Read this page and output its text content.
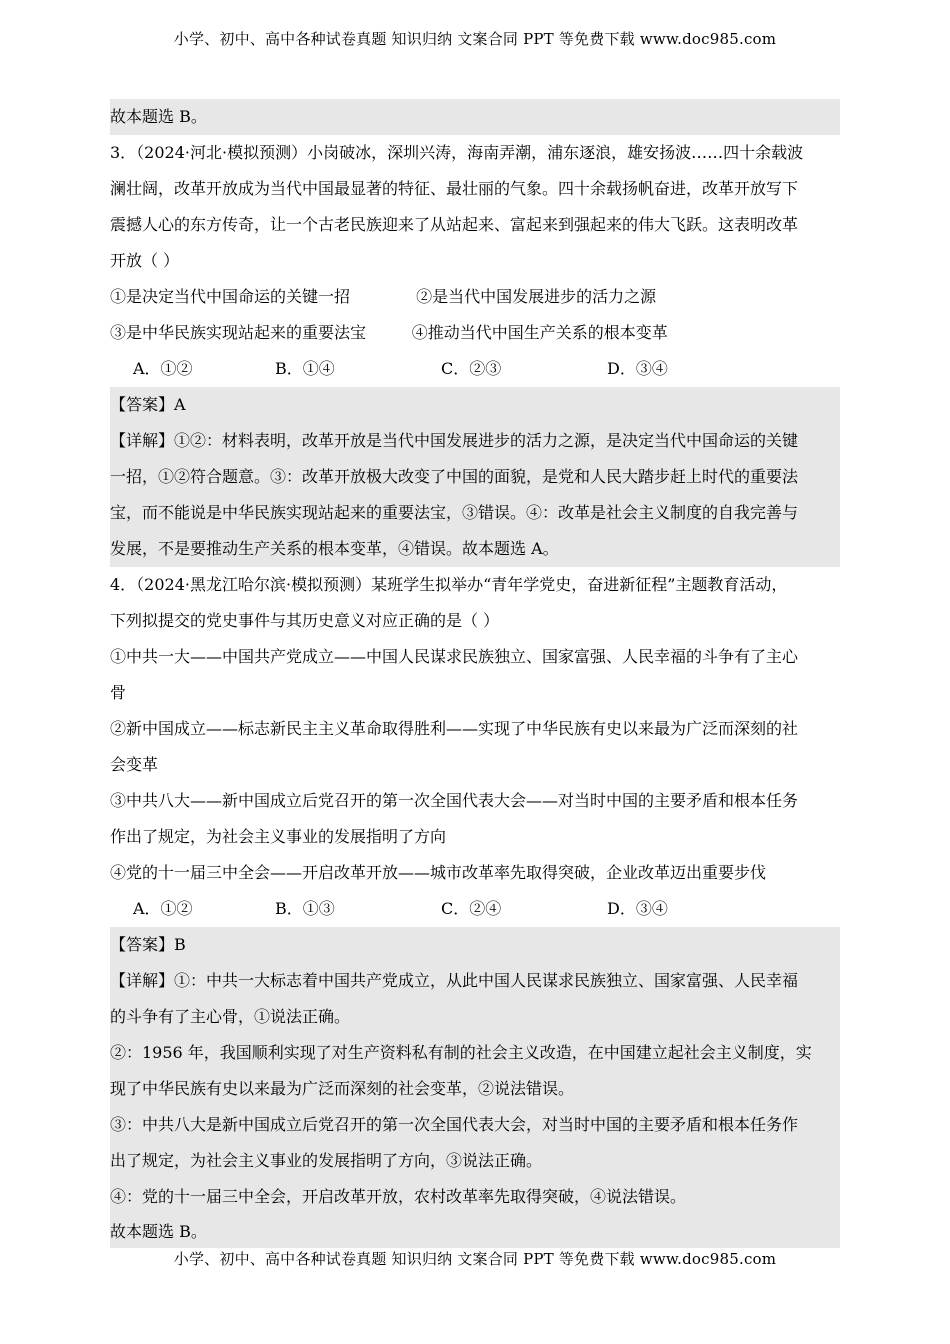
小学、初中、高中各种试卷真题 知识归纳 文案合同 PPT 等免费下载 www.doc985.com
故本题选 B。
3．（2024·河北·模拟预测）小岗破冰，深圳兴涛，海南弄潮，浦东逐浪，雄安扬波……四十余载波
澜壮阔，改革开放成为当代中国最显著的特征、最壮丽的气象。四十余载扬帆奋进，改革开放写下
震撼人心的东方传奇，让一个古老民族迎来了从站起来、富起来到强起来的伟大飞跃。这表明改革
开放（ ）
①是决定当代中国命运的关键一招             ②是当代中国发展进步的活力之源
③是中华民族实现站起来的重要法宝         ④推动当代中国生产关系的根本变革
A．①②	B．①④	C．②③	D．③④
【答案】A
【详解】①②：材料表明，改革开放是当代中国发展进步的活力之源，是决定当代中国命运的关键
一招，①②符合题意。③：改革开放极大改变了中国的面貌，是党和人民大踏步赶上时代的重要法
宝，而不能说是中华民族实现站起来的重要法宝，③错误。④：改革是社会主义制度的自我完善与
发展，不是要推动生产关系的根本变革，④错误。故本题选 A。
4．（2024·黑龙江哈尔滨·模拟预测）某班学生拟举办“青年学党史，奋进新征程”主题教育活动，
下列拟提交的党史事件与其历史意义对应正确的是（ ）
①中共一大——中国共产党成立——中国人民谋求民族独立、国家富强、人民幸福的斗争有了主心
骨
②新中国成立——标志新民主主义革命取得胜利——实现了中华民族有史以来最为广泛而深刻的社
会变革
③中共八大——新中国成立后党召开的第一次全国代表大会——对当时中国的主要矛盾和根本任务
作出了规定，为社会主义事业的发展指明了方向
④党的十一届三中全会——开启改革开放——城市改革率先取得突破，企业改革迈出重要步伐
A．①②	B．①③	C．②④	D．③④
【答案】B
【详解】①：中共一大标志着中国共产党成立，从此中国人民谋求民族独立、国家富强、人民幸福
的斗争有了主心骨，①说法正确。
②：1956 年，我国顺利实现了对生产资料私有制的社会主义改造，在中国建立起社会主义制度，实
现了中华民族有史以来最为广泛而深刻的社会变革，②说法错误。
③：中共八大是新中国成立后党召开的第一次全国代表大会，对当时中国的主要矛盾和根本任务作
出了规定，为社会主义事业的发展指明了方向，③说法正确。
④：党的十一届三中全会，开启改革开放，农村改革率先取得突破，④说法错误。
故本题选 B。
小学、初中、高中各种试卷真题 知识归纳 文案合同 PPT 等免费下载 www.doc985.com
